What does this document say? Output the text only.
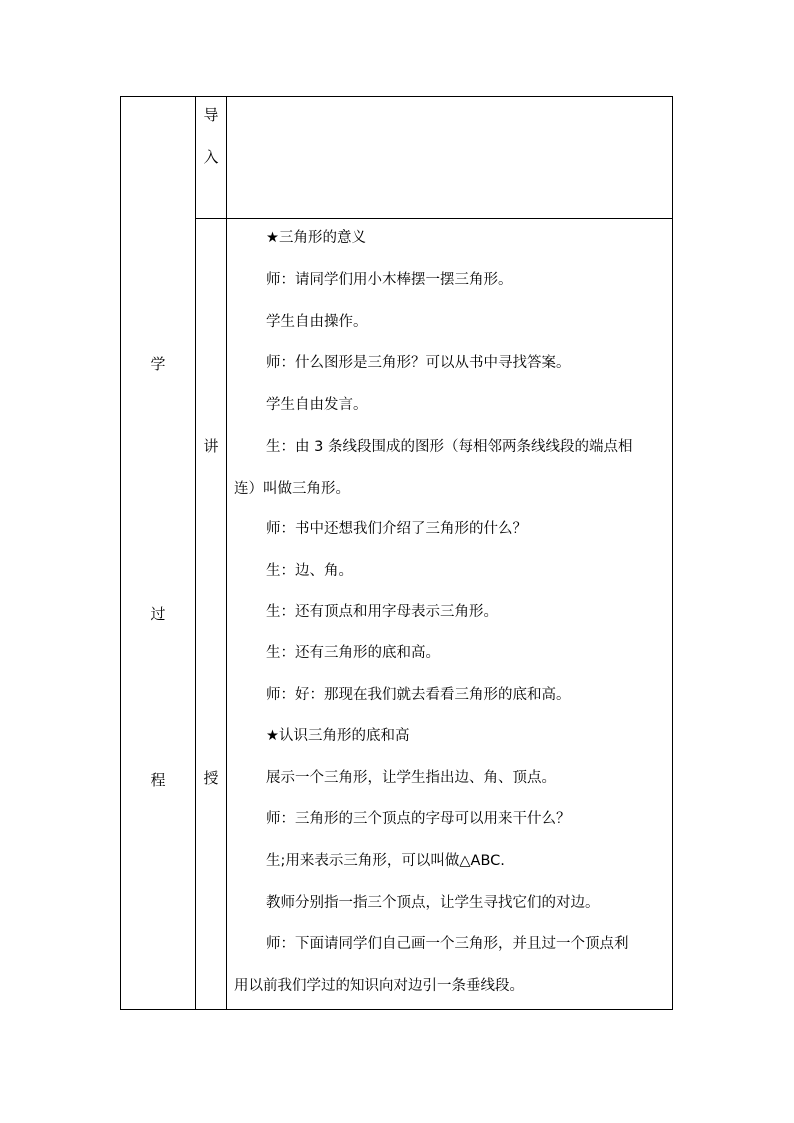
学
过
程
导
入
讲
授
★三角形的意义
师：请同学们用小木棒摆一摆三角形。
学生自由操作。
师：什么图形是三角形？可以从书中寻找答案。
学生自由发言。
生：由 3 条线段围成的图形（每相邻两条线线段的端点相
连）叫做三角形。
师：书中还想我们介绍了三角形的什么？
生：边、角。
生：还有顶点和用字母表示三角形。
生：还有三角形的底和高。
师：好：那现在我们就去看看三角形的底和高。
★认识三角形的底和高
展示一个三角形，让学生指出边、角、顶点。
师：三角形的三个顶点的字母可以用来干什么？
生;用来表示三角形，可以叫做△ABC.
教师分别指一指三个顶点，让学生寻找它们的对边。
师：下面请同学们自己画一个三角形，并且过一个顶点利
用以前我们学过的知识向对边引一条垂线段。
